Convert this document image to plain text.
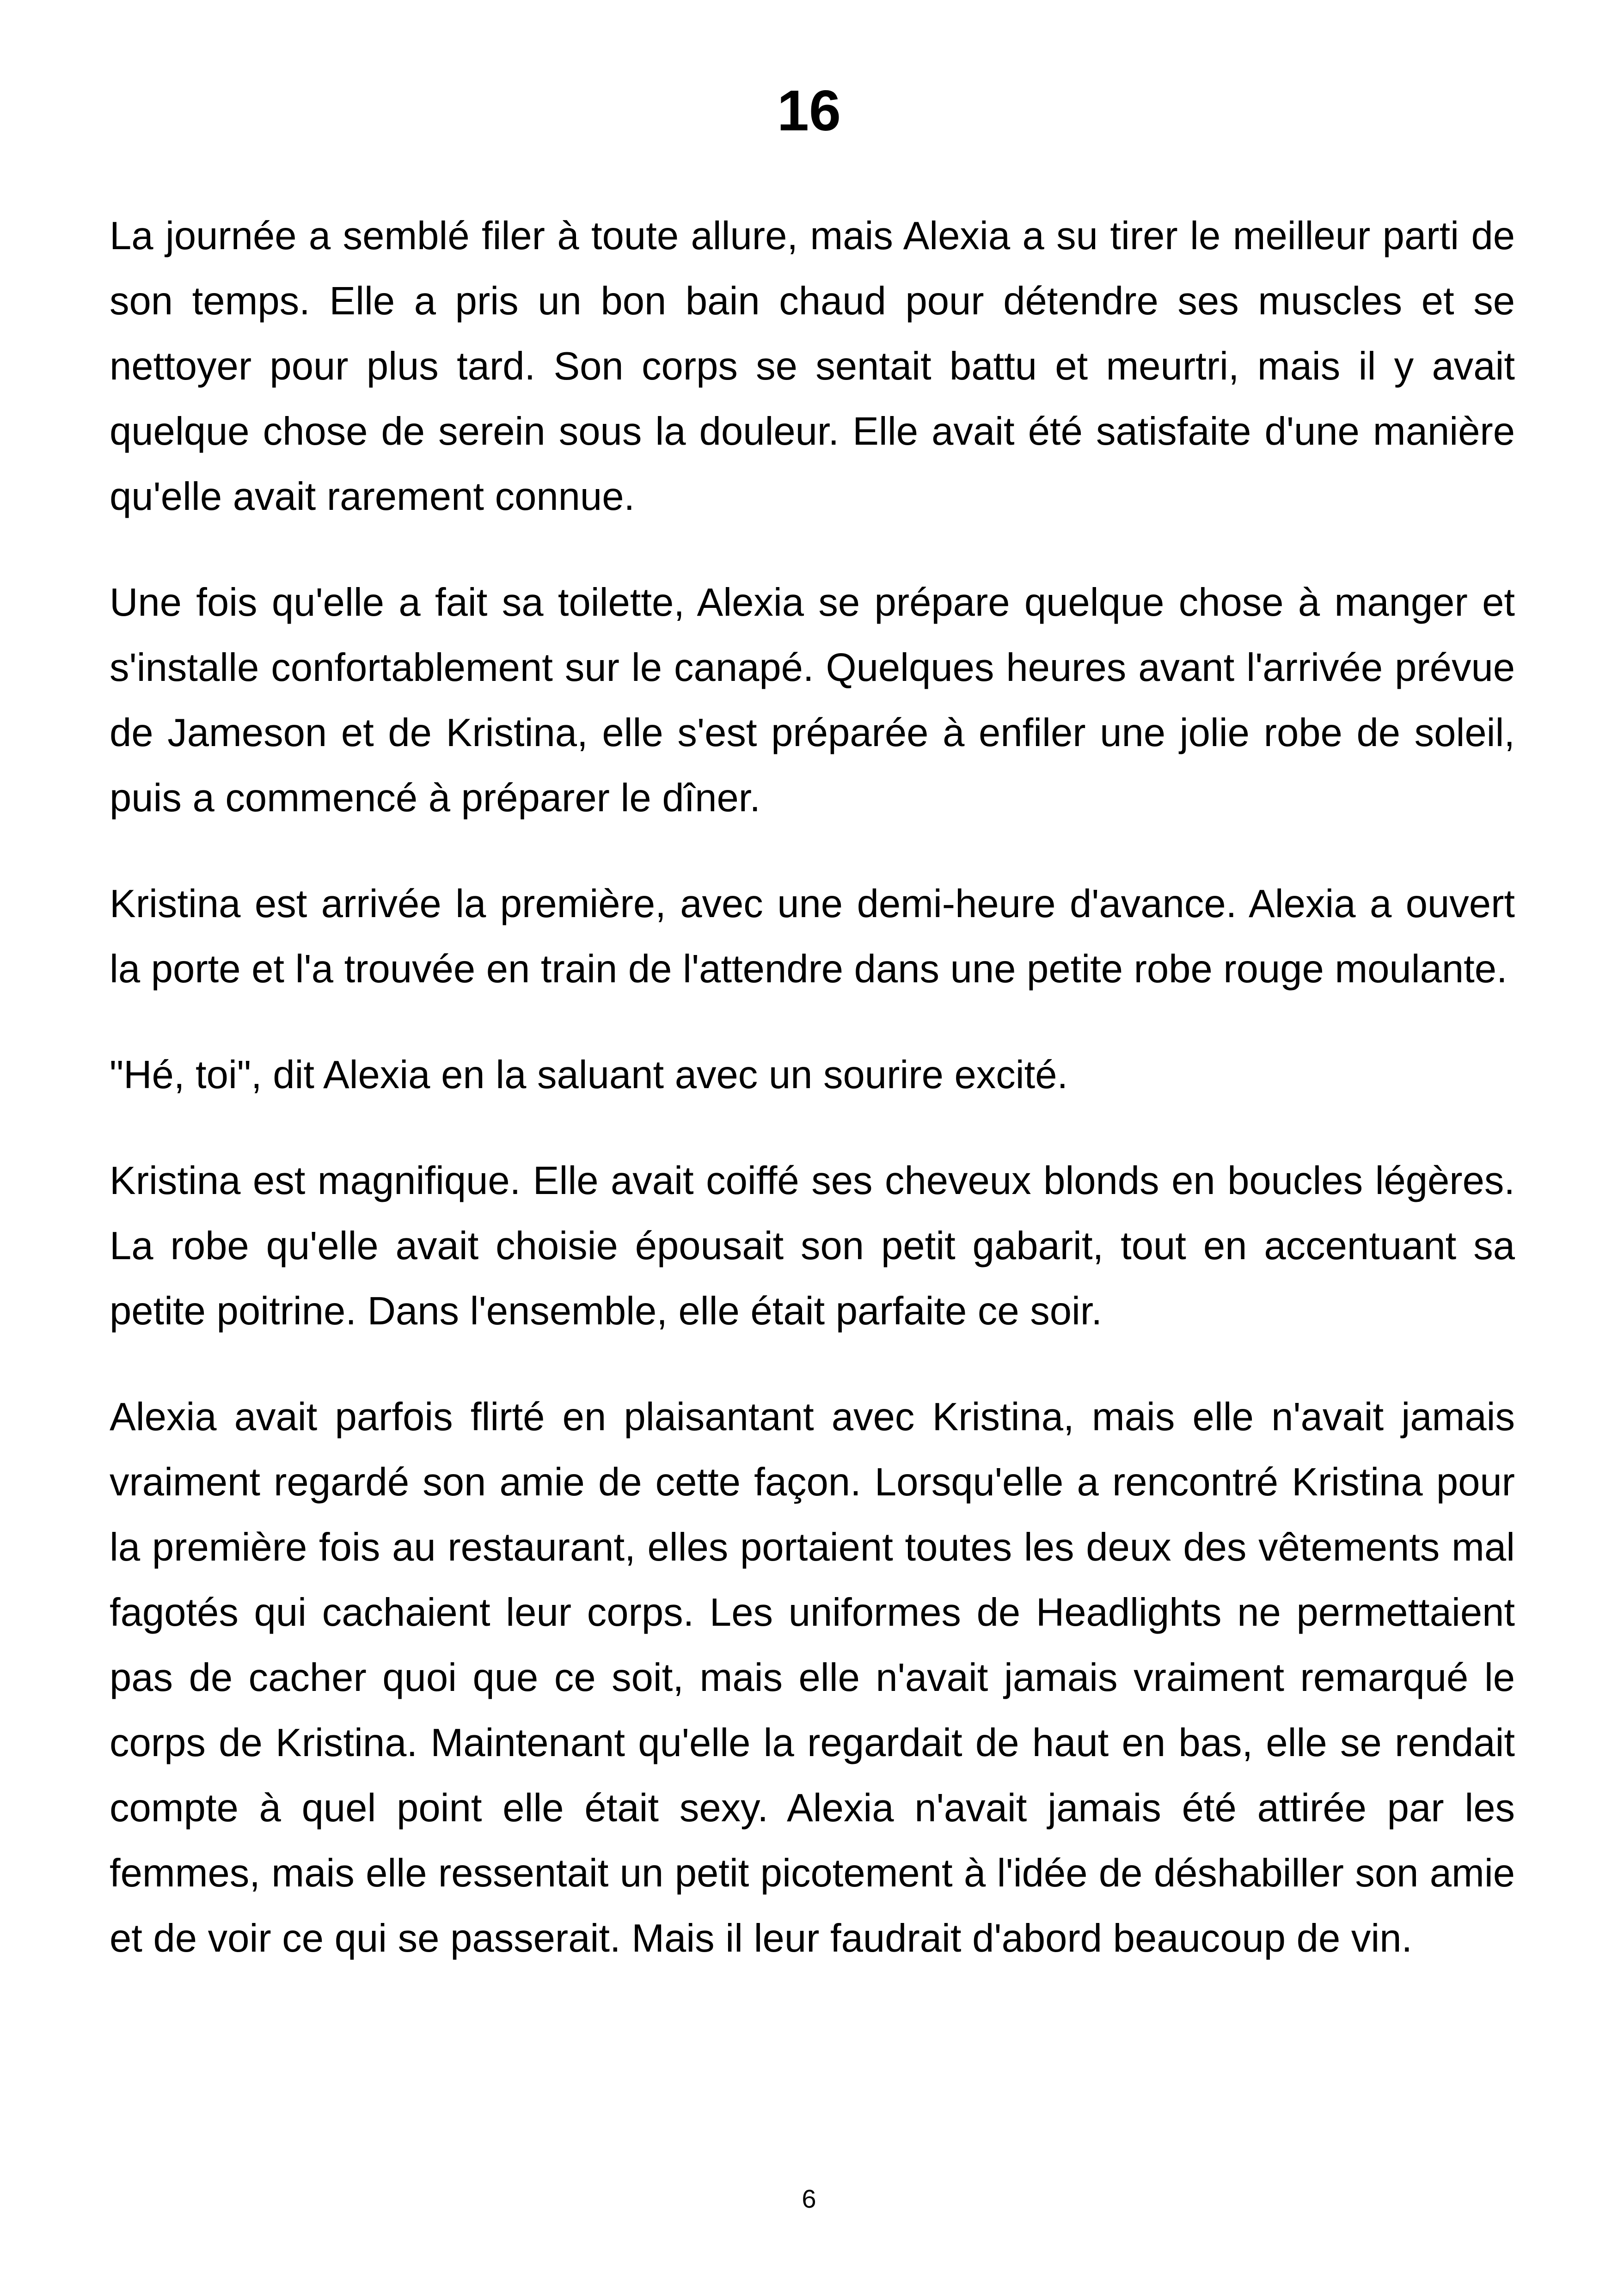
16

La journée a semblé filer à toute allure, mais Alexia a su tirer le meilleur parti de son temps. Elle a pris un bon bain chaud pour détendre ses muscles et se nettoyer pour plus tard. Son corps se sentait battu et meurtri, mais il y avait quelque chose de serein sous la douleur. Elle avait été satisfaite d'une manière qu'elle avait rarement connue.

Une fois qu'elle a fait sa toilette, Alexia se prépare quelque chose à manger et s'installe confortablement sur le canapé. Quelques heures avant l'arrivée prévue de Jameson et de Kristina, elle s'est préparée à enfiler une jolie robe de soleil, puis a commencé à préparer le dîner.

Kristina est arrivée la première, avec une demi-heure d'avance. Alexia a ouvert la porte et l'a trouvée en train de l'attendre dans une petite robe rouge moulante.

"Hé, toi", dit Alexia en la saluant avec un sourire excité.

Kristina est magnifique. Elle avait coiffé ses cheveux blonds en boucles légères. La robe qu'elle avait choisie épousait son petit gabarit, tout en accentuant sa petite poitrine. Dans l'ensemble, elle était parfaite ce soir.

Alexia avait parfois flirté en plaisantant avec Kristina, mais elle n'avait jamais vraiment regardé son amie de cette façon. Lorsqu'elle a rencontré Kristina pour la première fois au restaurant, elles portaient toutes les deux des vêtements mal fagotés qui cachaient leur corps. Les uniformes de Headlights ne permettaient pas de cacher quoi que ce soit, mais elle n'avait jamais vraiment remarqué le corps de Kristina. Maintenant qu'elle la regardait de haut en bas, elle se rendait compte à quel point elle était sexy. Alexia n'avait jamais été attirée par les femmes, mais elle ressentait un petit picotement à l'idée de déshabiller son amie et de voir ce qui se passerait. Mais il leur faudrait d'abord beaucoup de vin.

6
